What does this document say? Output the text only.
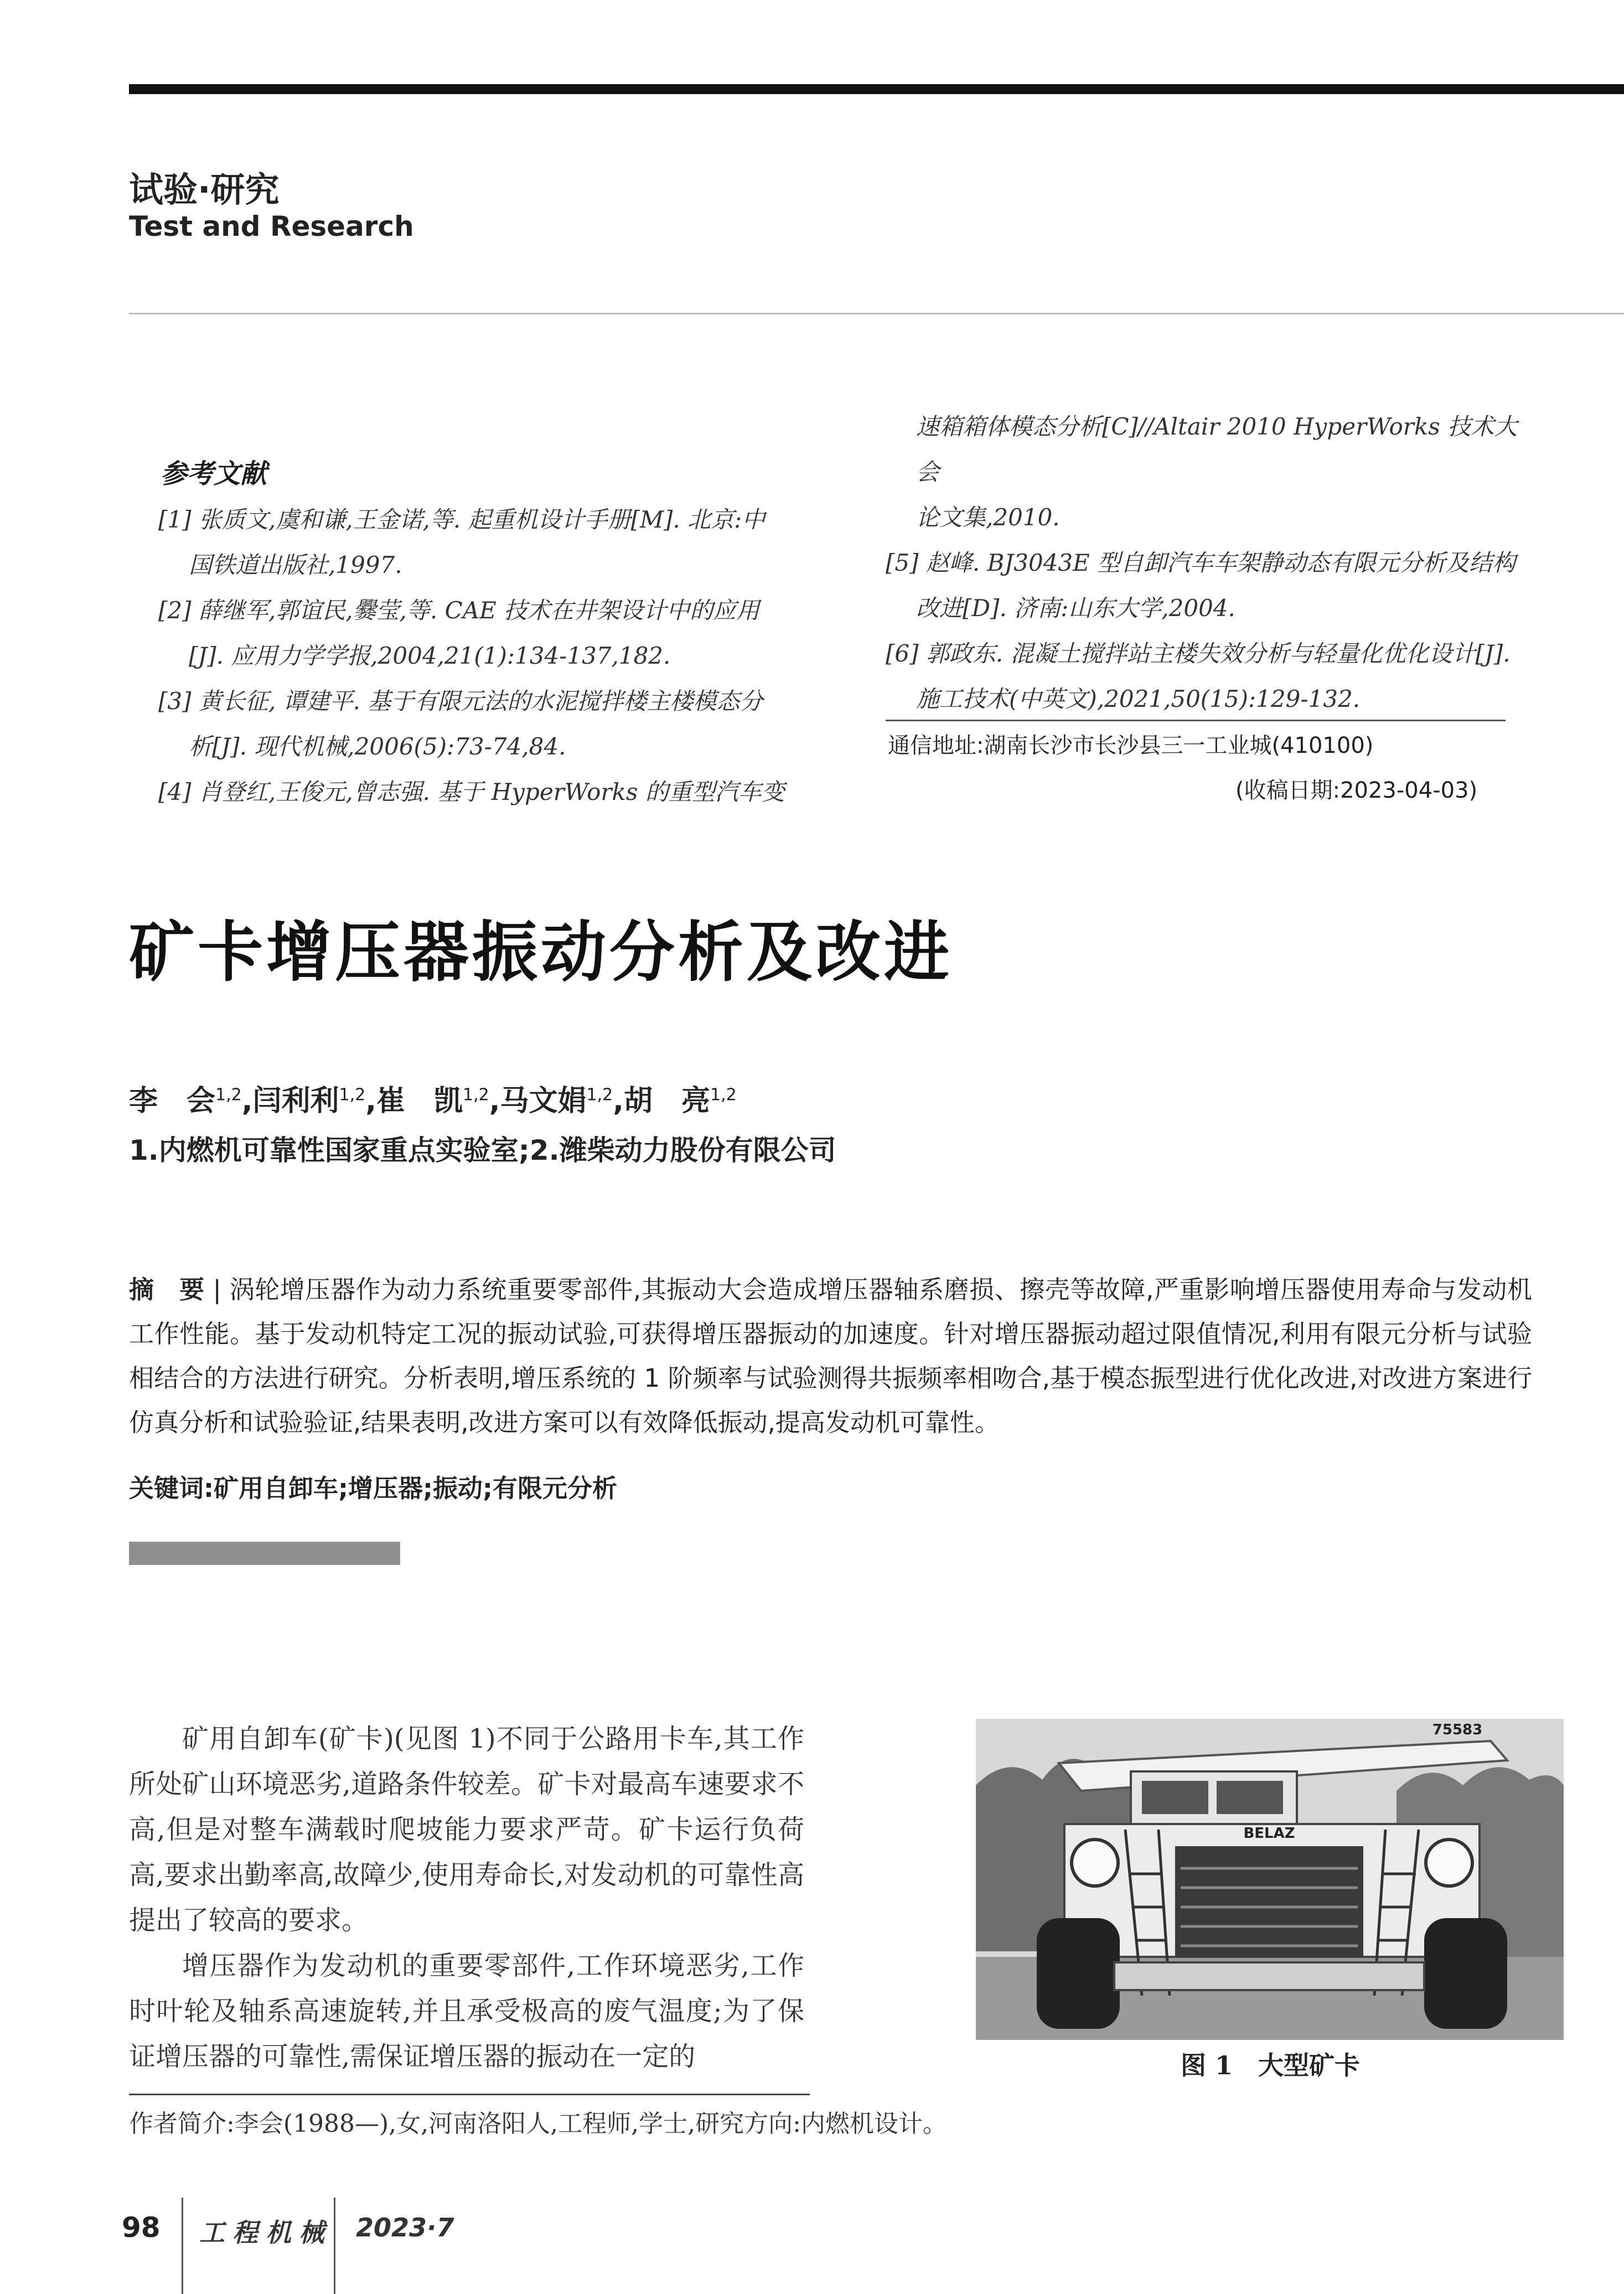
试验·研究
Test and Research
参考文献
[1] 张质文,虞和谦,王金诺,等. 起重机设计手册[M]. 北京:中
国铁道出版社,1997.
[2] 薛继军,郭谊民,爨莹,等. CAE 技术在井架设计中的应用
[J]. 应用力学学报,2004,21(1):134-137,182.
[3] 黄长征, 谭建平. 基于有限元法的水泥搅拌楼主楼模态分
析[J]. 现代机械,2006(5):73-74,84.
[4] 肖登红,王俊元,曾志强. 基于 HyperWorks 的重型汽车变
速箱箱体模态分析[C]//Altair 2010 HyperWorks 技术大会
论文集,2010.
[5] 赵峰. BJ3043E 型自卸汽车车架静动态有限元分析及结构
改进[D]. 济南:山东大学,2004.
[6] 郭政东. 混凝土搅拌站主楼失效分析与轻量化优化设计[J].
施工技术(中英文),2021,50(15):129-132.
通信地址:湖南长沙市长沙县三一工业城(410100)
(收稿日期:2023-04-03)
矿卡增压器振动分析及改进
李　会$^{1,2}$,闫利利$^{1,2}$,崔　凯$^{1,2}$,马文娟$^{1,2}$,胡　亮$^{1,2}$
1.内燃机可靠性国家重点实验室;2.潍柴动力股份有限公司
摘　要 | 涡轮增压器作为动力系统重要零部件,其振动大会造成增压器轴系磨损、擦壳等故障,严重影响增压器使用寿命与发动机工作性能。基于发动机特定工况的振动试验,可获得增压器振动的加速度。针对增压器振动超过限值情况,利用有限元分析与试验相结合的方法进行研究。分析表明,增压系统的 1 阶频率与试验测得共振频率相吻合,基于模态振型进行优化改进,对改进方案进行仿真分析和试验验证,结果表明,改进方案可以有效降低振动,提高发动机可靠性。
关键词:矿用自卸车;增压器;振动;有限元分析

矿用自卸车(矿卡)(见图 1)不同于公路用卡车,其工作所处矿山环境恶劣,道路条件较差。矿卡对最高车速要求不高,但是对整车满载时爬坡能力要求严苛。矿卡运行负荷高,要求出勤率高,故障少,使用寿命长,对发动机的可靠性高提出了较高的要求。

增压器作为发动机的重要零部件,工作环境恶劣,工作时叶轮及轴系高速旋转,并且承受极高的废气温度;为了保证增压器的可靠性,需保证增压器的振动在一定的

BELAZ
75583
图 1　大型矿卡
作者简介:李会(1988—),女,河南洛阳人,工程师,学士,研究方向:内燃机设计。
98 工程机械 2023·7
